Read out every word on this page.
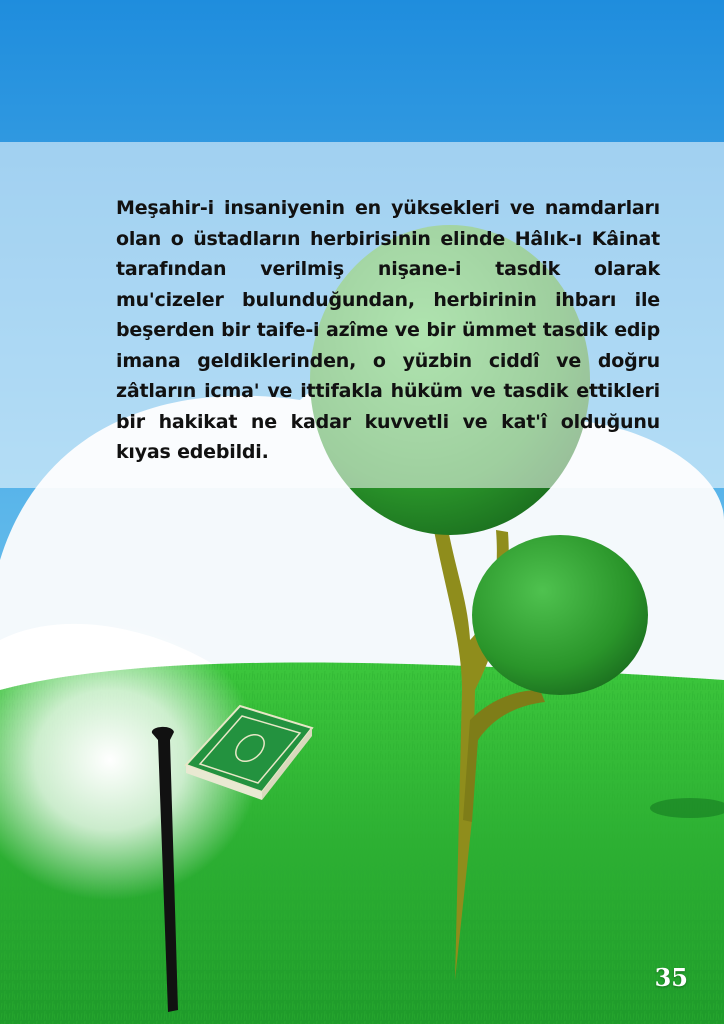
Meşahir-i insaniyenin en yüksekleri ve namdarları olan o üstadların herbirisinin elinde Hâlık-ı Kâinat tarafından verilmiş nişane-i tasdik olarak mu'cizeler bulunduğundan, herbirinin ihbarı ile beşerden bir taife-i azîme ve bir ümmet tasdik edip imana geldiklerinden, o yüzbin ciddî ve doğru zâtların icma' ve ittifakla hüküm ve tasdik ettikleri bir hakikat ne kadar kuvvetli ve kat'î olduğunu kıyas edebildi.

35
